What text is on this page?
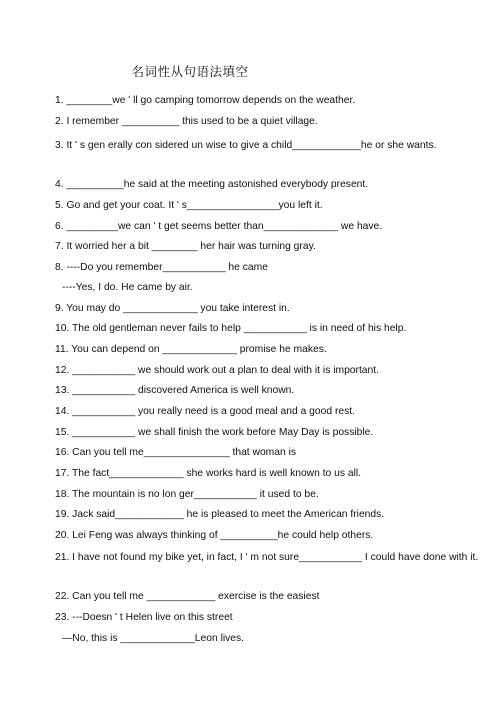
名词性从句语法填空
1. ________we ' ll go camping tomorrow depends on the weather.
2. I remember __________ this used to be a quiet village.
3. It ' s gen erally con sidered un wise to give a child____________he or she wants.
4. __________he said at the meeting astonished everybody present.
5. Go and get your coat. It ' s________________you left it.
6. _________we can ' t get seems better than_____________ we have.
7. It worried her a bit ________ her hair was turning gray.
8. ----Do you remember___________ he came
----Yes, I do. He came by air.
9. You may do _____________ you take interest in.
10. The old gentleman never fails to help ___________ is in need of his help.
11. You can depend on _____________ promise he makes.
12. ___________ we should work out a plan to deal with it is important.
13. ___________ discovered America is well known.
14. ___________ you really need is a good meal and a good rest.
15. ___________ we shall finish the work before May Day is possible.
16. Can you tell me_______________ that woman is
17. The fact_____________ she works hard is well known to us all.
18. The mountain is no lon ger___________ it used to be.
19. Jack said____________ he is pleased to meet the American friends.
20. Lei Feng was always thinking of __________he could help others.
21. I have not found my bike yet, in fact, I ' m not sure___________ I could have done with it.
22. Can you tell me ____________ exercise is the easiest
23. ---Doesn ' t Helen live on this street
—No, this is _____________Leon lives.
